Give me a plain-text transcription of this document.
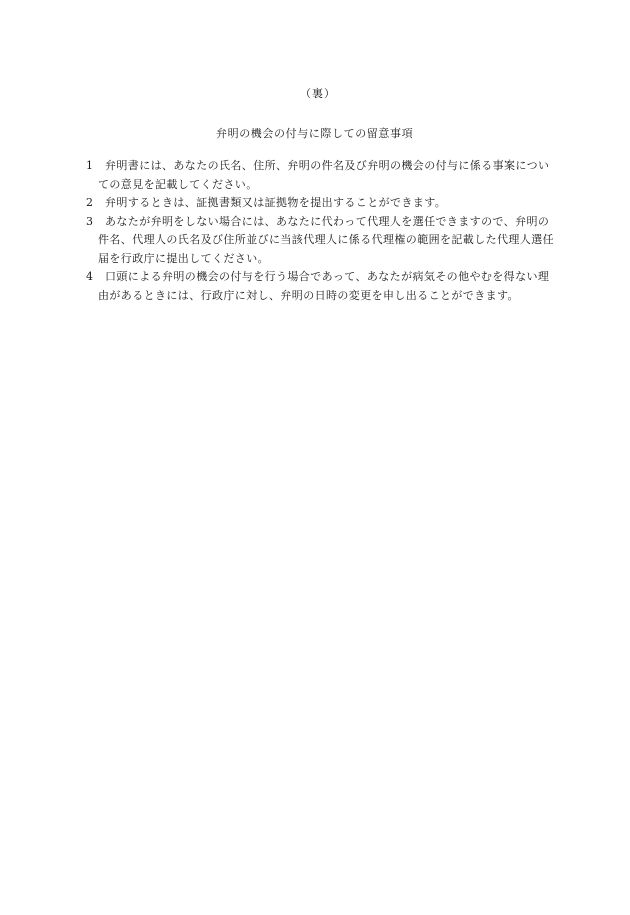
（裏）
弁明の機会の付与に際しての留意事項
1	弁明書には、あなたの氏名、住所、弁明の件名及び弁明の機会の付与に係る事案についての意見を記載してください。
2	弁明するときは、証拠書類又は証拠物を提出することができます。
3	あなたが弁明をしない場合には、あなたに代わって代理人を選任できますので、弁明の件名、代理人の氏名及び住所並びに当該代理人に係る代理権の範囲を記載した代理人選任届を行政庁に提出してください。
4	口頭による弁明の機会の付与を行う場合であって、あなたが病気その他やむを得ない理由があるときには、行政庁に対し、弁明の日時の変更を申し出ることができます。
